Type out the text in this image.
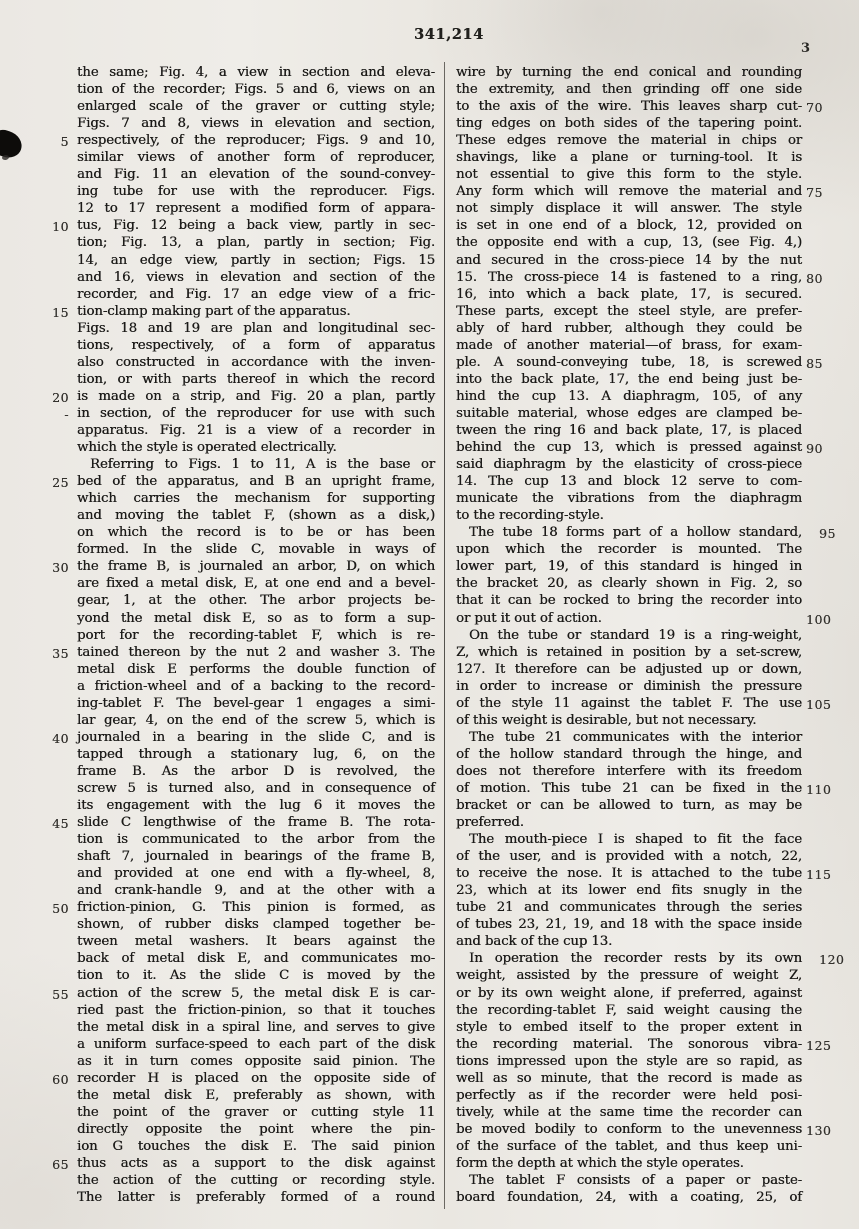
341,214
3
the same; Fig. 4, a view in section and eleva-
tion of the recorder; Figs. 5 and 6, views on an
enlarged scale of the graver or cutting style;
Figs. 7 and 8, views in elevation and section,
respectively, of the reproducer; Figs. 9 and 10,
5
similar views of another form of reproducer,
and Fig. 11 an elevation of the sound-convey-
ing tube for use with the reproducer. Figs.
12 to 17 represent a modified form of appara-
tus, Fig. 12 being a back view, partly in sec-
10
tion; Fig. 13, a plan, partly in section; Fig.
14, an edge view, partly in section; Figs. 15
and 16, views in elevation and section of the
recorder, and Fig. 17 an edge view of a fric-
tion-clamp making part of the apparatus.
15
Figs. 18 and 19 are plan and longitudinal sec-
tions, respectively, of a form of apparatus
also constructed in accordance with the inven-
tion, or with parts thereof in which the record
is made on a strip, and Fig. 20 a plan, partly
20
in section, of the reproducer for use with such
-
apparatus. Fig. 21 is a view of a recorder in
which the style is operated electrically.
Referring to Figs. 1 to 11, A is the base or
bed of the apparatus, and B an upright frame,
25
which carries the mechanism for supporting
and moving the tablet F, (shown as a disk,)
on which the record is to be or has been
formed. In the slide C, movable in ways of
the frame B, is journaled an arbor, D, on which
30
are fixed a metal disk, E, at one end and a bevel-
gear, 1, at the other. The arbor projects be-
yond the metal disk E, so as to form a sup-
port for the recording-tablet F, which is re-
tained thereon by the nut 2 and washer 3. The
35
metal disk E performs the double function of
a friction-wheel and of a backing to the record-
ing-tablet F. The bevel-gear 1 engages a simi-
lar gear, 4, on the end of the screw 5, which is
journaled in a bearing in the slide C, and is
40
tapped through a stationary lug, 6, on the
frame B. As the arbor D is revolved, the
screw 5 is turned also, and in consequence of
its engagement with the lug 6 it moves the
slide C lengthwise of the frame B. The rota-
45
tion is communicated to the arbor from the
shaft 7, journaled in bearings of the frame B,
and provided at one end with a fly-wheel, 8,
and crank-handle 9, and at the other with a
friction-pinion, G. This pinion is formed, as
50
shown, of rubber disks clamped together be-
tween metal washers. It bears against the
back of metal disk E, and communicates mo-
tion to it. As the slide C is moved by the
action of the screw 5, the metal disk E is car-
55
ried past the friction-pinion, so that it touches
the metal disk in a spiral line, and serves to give
a uniform surface-speed to each part of the disk
as it in turn comes opposite said pinion. The
recorder H is placed on the opposite side of
60
the metal disk E, preferably as shown, with
the point of the graver or cutting style 11
directly opposite the point where the pin-
ion G touches the disk E. The said pinion
thus acts as a support to the disk against
65
the action of the cutting or recording style.
The latter is preferably formed of a round
wire by turning the end conical and rounding
the extremity, and then grinding off one side
to the axis of the wire. This leaves sharp cut- 70
ting edges on both sides of the tapering point.
These edges remove the material in chips or
shavings, like a plane or turning-tool. It is
not essential to give this form to the style.
Any form which will remove the material and 75
not simply displace it will answer. The style
is set in one end of a block, 12, provided on
the opposite end with a cup, 13, (see Fig. 4,)
and secured in the cross-piece 14 by the nut
15. The cross-piece 14 is fastened to a ring, 80
16, into which a back plate, 17, is secured.
These parts, except the steel style, are prefer-
ably of hard rubber, although they could be
made of another material—of brass, for exam-
ple. A sound-conveying tube, 18, is screwed 85
into the back plate, 17, the end being just be-
hind the cup 13. A diaphragm, 105, of any
suitable material, whose edges are clamped be-
tween the ring 16 and back plate, 17, is placed
behind the cup 13, which is pressed against 90
said diaphragm by the elasticity of cross-piece
14. The cup 13 and block 12 serve to com-
municate the vibrations from the diaphragm
to the recording-style.
The tube 18 forms part of a hollow standard,	95
upon which the recorder is mounted. The
lower part, 19, of this standard is hinged in
the bracket 20, as clearly shown in Fig. 2, so
that it can be rocked to bring the recorder into
or put it out of action.	100
On the tube or standard 19 is a ring-weight,
Z, which is retained in position by a set-screw,
127. It therefore can be adjusted up or down,
in order to increase or diminish the pressure
of the style 11 against the tablet F. The use 105
of this weight is desirable, but not necessary.
The tube 21 communicates with the interior
of the hollow standard through the hinge, and
does not therefore interfere with its freedom
of motion. This tube 21 can be fixed in the 110
bracket or can be allowed to turn, as may be
preferred.
The mouth-piece I is shaped to fit the face
of the user, and is provided with a notch, 22,
to receive the nose. It is attached to the tube 115
23, which at its lower end fits snugly in the
tube 21 and communicates through the series
of tubes 23, 21, 19, and 18 with the space inside
and back of the cup 13.
In operation the recorder rests by its own	120
weight, assisted by the pressure of weight Z,
or by its own weight alone, if preferred, against
the recording-tablet F, said weight causing the
style to embed itself to the proper extent in
the recording material. The sonorous vibra- 125
tions impressed upon the style are so rapid, as
well as so minute, that the record is made as
perfectly as if the recorder were held posi-
tively, while at the same time the recorder can
be moved bodily to conform to the unevenness 130
of the surface of the tablet, and thus keep uni-
form the depth at which the style operates.
The tablet F consists of a paper or paste-
board foundation, 24, with a coating, 25, of
